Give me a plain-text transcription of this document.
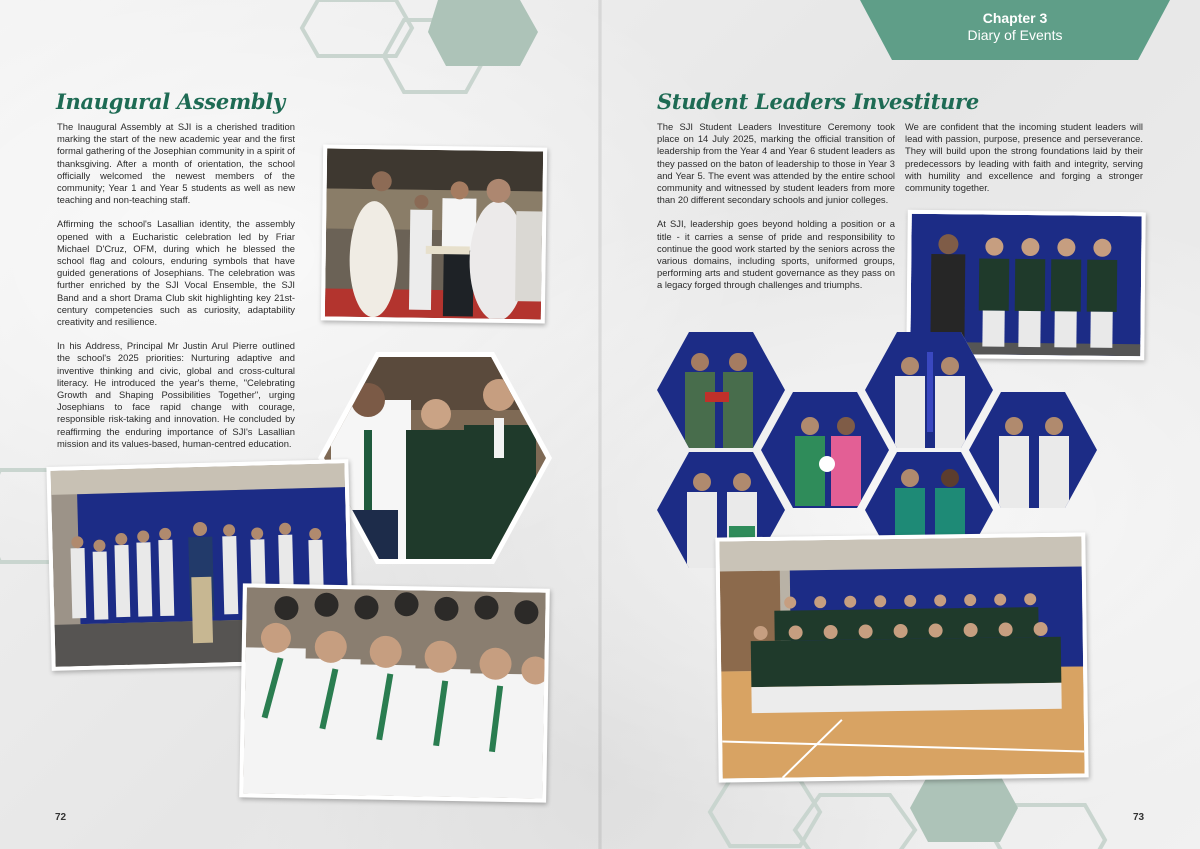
Chapter 3
Diary of Events
Inaugural Assembly

The Inaugural Assembly at SJI is a cherished tradition marking the start of the new academic year and the first formal gathering of the Josephian community in a spirit of thanksgiving. After a month of orientation, the school officially welcomed the newest members of the community; Year 1 and Year 5 students as well as new teaching and non-teaching staff.

Affirming the school's Lasallian identity, the assembly opened with a Eucharistic celebration led by Friar Michael D'Cruz, OFM, during which he blessed the school flag and colours, enduring symbols that have guided generations of Josephians. The celebration was further enriched by the SJI Vocal Ensemble, the SJI Band and a short Drama Club skit highlighting key 21st-century competencies such as curiosity, adaptability creativity and resilience.

In his Address, Principal Mr Justin Arul Pierre outlined the school's 2025 priorities: Nurturing adaptive and inventive thinking and civic, global and cross-cultural literacy. He introduced the year's theme, "Celebrating Growth and Shaping Possibilities Together", urging Josephians to face rapid change with courage, responsible risk-taking and innovation. He concluded by reaffirming the enduring importance of SJI's Lasallian mission and its values-based, human-centred education.

72
Student Leaders Investiture

The SJI Student Leaders Investiture Ceremony took place on 14 July 2025, marking the official transition of leadership from the Year 4 and Year 6 student leaders as they passed on the baton of leadership to those in Year 3 and Year 5. The event was attended by the entire school community and witnessed by student leaders from more than 20 different secondary schools and junior colleges.

At SJI, leadership goes beyond holding a position or a title - it carries a sense of pride and responsibility to continue the good work started by the seniors across the various domains, including sports, uniformed groups, performing arts and student governance as they pass on a legacy forged through challenges and triumphs.

We are confident that the incoming student leaders will lead with passion, purpose, presence and perseverance. They will build upon the strong foundations laid by their predecessors by leading with faith and integrity, serving with humility and excellence and forging a stronger community together.

73
